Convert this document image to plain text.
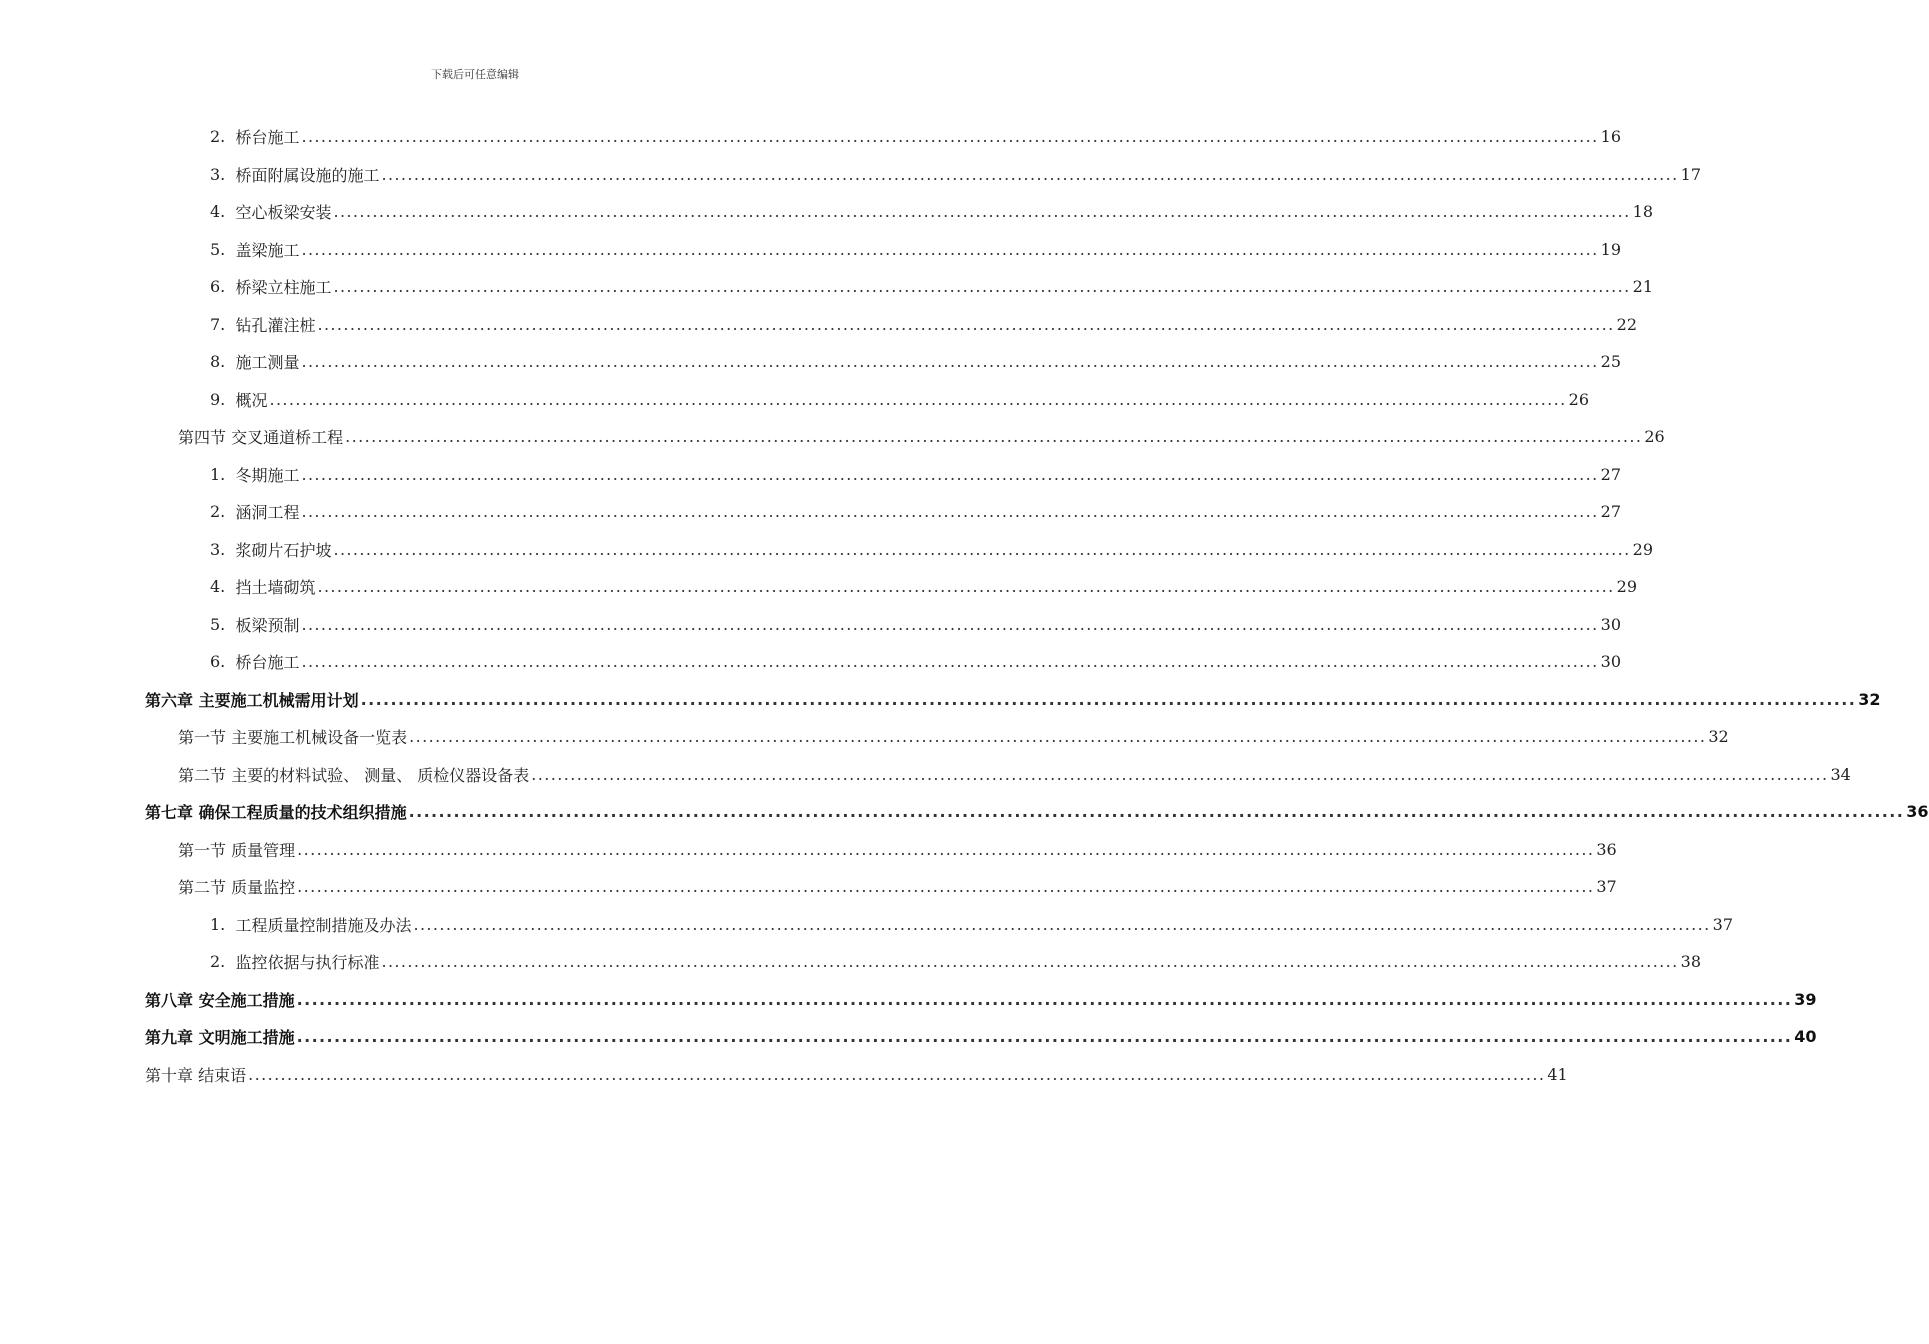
下载后可任意编辑
2.
桥台施工 ........................................................................................................................................................................................................ 16
3.
桥面附属设施的施工 ........................................................................................................................................................................................................ 17
4.
空心板梁安装 ........................................................................................................................................................................................................ 18
5.
盖梁施工 ........................................................................................................................................................................................................ 19
6.
桥梁立柱施工 ........................................................................................................................................................................................................ 21
7.
钻孔灌注桩 ........................................................................................................................................................................................................ 22
8.
施工测量 ........................................................................................................................................................................................................ 25
9.
概况 ........................................................................................................................................................................................................ 26
第四节
交叉通道桥工程 ........................................................................................................................................................................................................ 26
1.
冬期施工 ........................................................................................................................................................................................................ 27
2.
涵洞工程 ........................................................................................................................................................................................................ 27
3.
浆砌片石护坡 ........................................................................................................................................................................................................ 29
4.
挡土墙砌筑 ........................................................................................................................................................................................................ 29
5.
板梁预制 ........................................................................................................................................................................................................ 30
6.
桥台施工 ........................................................................................................................................................................................................ 30
第六章
主要施工机械需用计划 ........................................................................................................................................................................................................ 32
第一节
主要施工机械设备一览表 ........................................................................................................................................................................................................ 32
第二节
主要的材料试验、 测量、 质检仪器设备表 ........................................................................................................................................................................................................ 34
第七章
确保工程质量的技术组织措施 ........................................................................................................................................................................................................ 36
第一节
质量管理 ........................................................................................................................................................................................................ 36
第二节
质量监控 ........................................................................................................................................................................................................ 37
1.
工程质量控制措施及办法 ........................................................................................................................................................................................................ 37
2.
监控依据与执行标准 ........................................................................................................................................................................................................ 38
第八章
安全施工措施 ........................................................................................................................................................................................................ 39
第九章
文明施工措施 ........................................................................................................................................................................................................ 40
第十章
结束语 ........................................................................................................................................................................................................ 41
